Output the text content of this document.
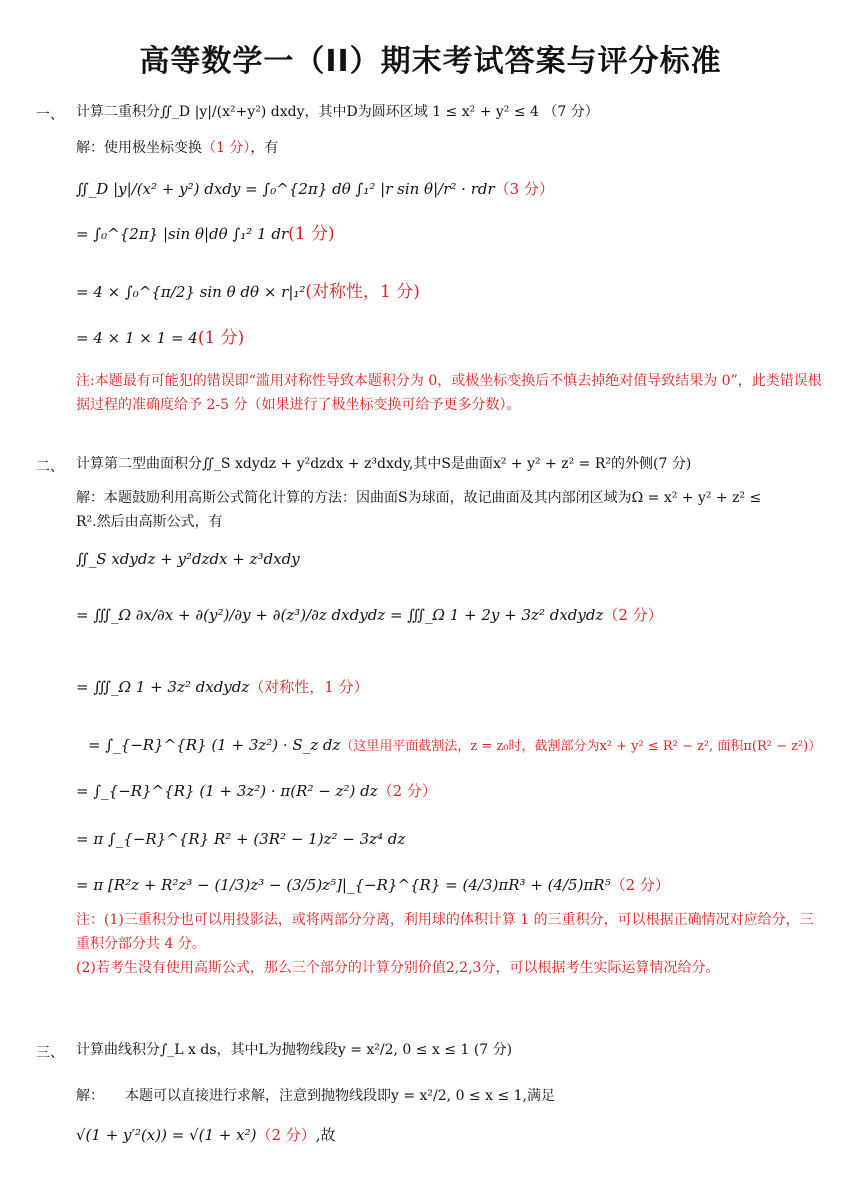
高等数学一（II）期末考试答案与评分标准
一、 计算二重积分∬_D |y|/(x²+y²) dxdy，其中D为圆环区域 1 ≤ x² + y² ≤ 4 （7 分）
解：使用极坐标变换（1 分），有
∬_D |y|/(x² + y²) dxdy = ∫₀^{2π} dθ ∫₁² |r sin θ|/r² · rdr（3 分）
= ∫₀^{2π} |sin θ|dθ ∫₁² 1 dr(1 分)
= 4 × ∫₀^{π/2} sin θ dθ × r|₁²(对称性，1 分)
= 4 × 1 × 1 = 4(1 分)
注:本题最有可能犯的错误即“滥用对称性导致本题积分为 0，或极坐标变换后不慎去掉绝对值导致结果为 0”，此类错误根据过程的准确度给予 2-5 分（如果进行了极坐标变换可给予更多分数）。
二、 计算第二型曲面积分∬_S xdydz + y²dzdx + z³dxdy,其中S是曲面x² + y² + z² = R²的外侧(7 分)
解：本题鼓励利用高斯公式简化计算的方法：因曲面S为球面，故记曲面及其内部闭区域为Ω = x² + y² + z² ≤
R².然后由高斯公式，有
∬_S xdydz + y²dzdx + z³dxdy
= ∭_Ω ∂x/∂x + ∂(y²)/∂y + ∂(z³)/∂z dxdydz = ∭_Ω 1 + 2y + 3z² dxdydz（2 分）
= ∭_Ω 1 + 3z² dxdydz（对称性，1 分）
= ∫_{−R}^{R} (1 + 3z²) · S_z dz（这里用平面截割法，z = z₀时，截割部分为x² + y² ≤ R² − z², 面积π(R² − z²)）
= ∫_{−R}^{R} (1 + 3z²) · π(R² − z²) dz（2 分）
= π ∫_{−R}^{R} R² + (3R² − 1)z² − 3z⁴ dz
= π [R²z + R²z³ − (1/3)z³ − (3/5)z⁵]|_{−R}^{R} = (4/3)πR³ + (4/5)πR⁵（2 分）
注：(1)三重积分也可以用投影法，或将两部分分离，利用球的体积计算 1 的三重积分，可以根据正确情况对应给分，三重积分部分共 4 分。
(2)若考生没有使用高斯公式，那么三个部分的计算分别价值2,2,3分，可以根据考生实际运算情况给分。
三、 计算曲线积分∫_L x ds，其中L为抛物线段y = x²/2, 0 ≤ x ≤ 1 (7 分)
解：　　本题可以直接进行求解，注意到抛物线段即y = x²/2, 0 ≤ x ≤ 1,满足
√(1 + y′²(x)) = √(1 + x²)（2 分）,故
